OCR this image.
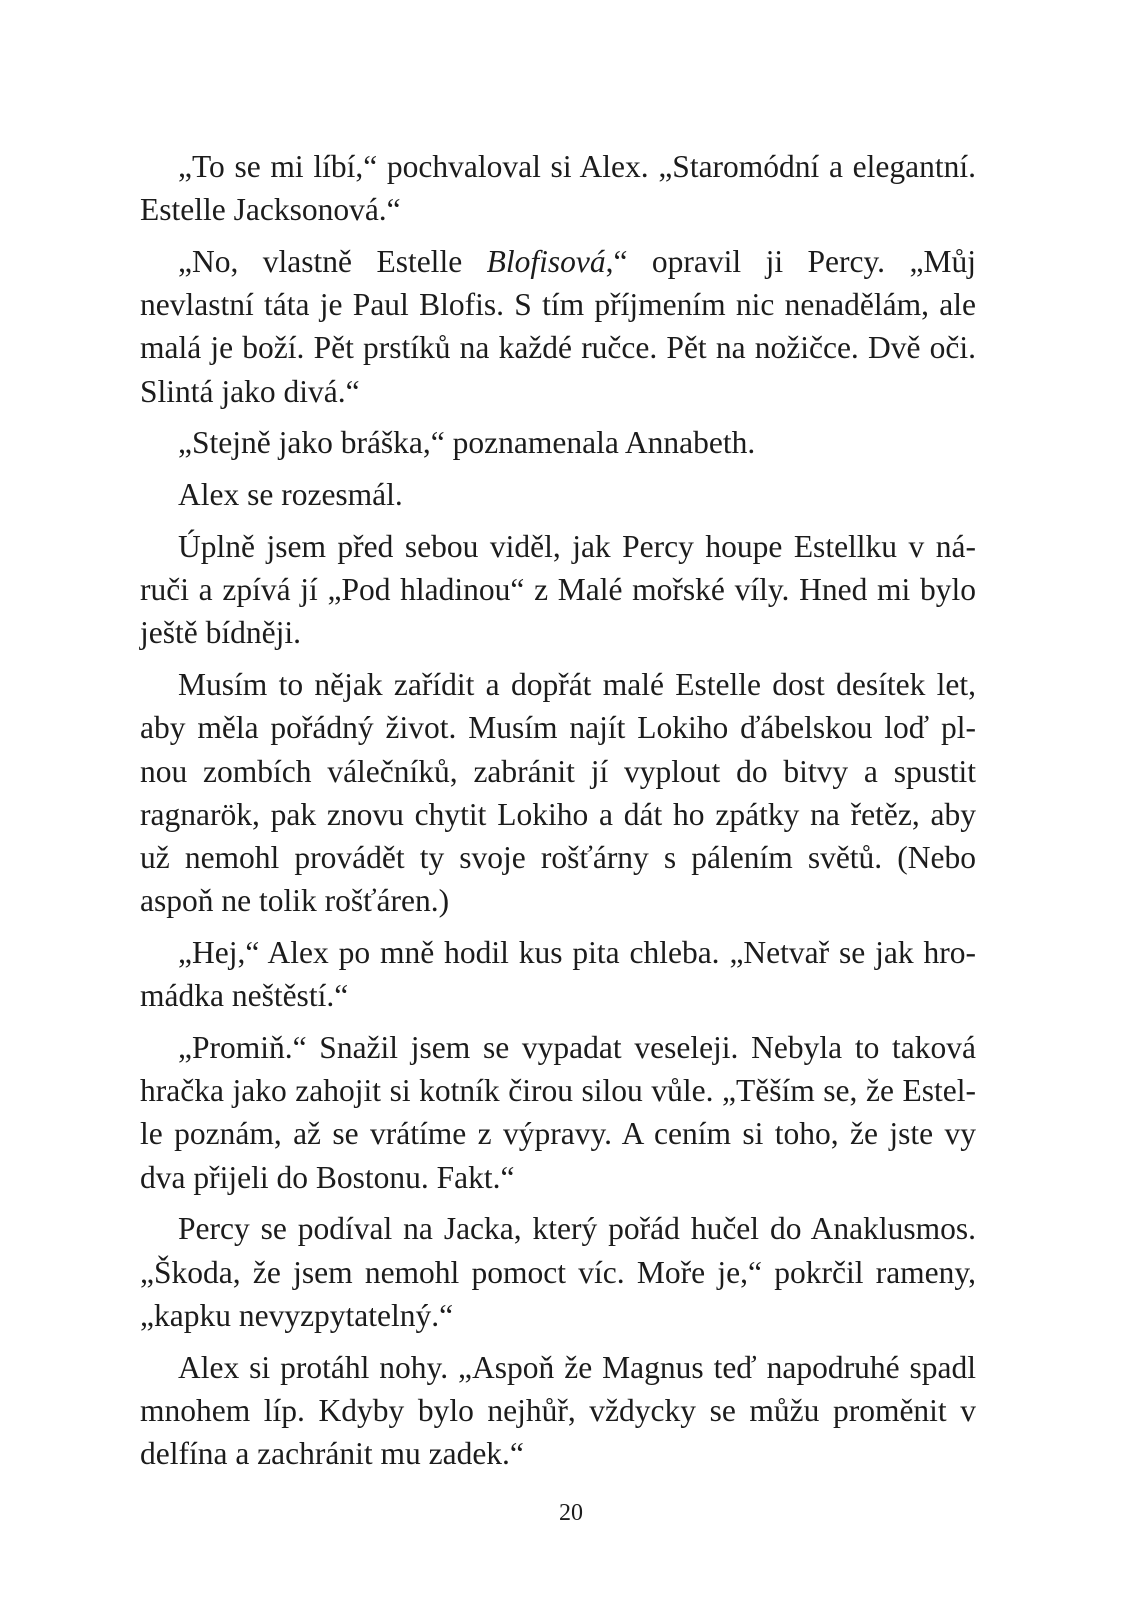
„To se mi líbí,“ pochvaloval si Alex. „Staromódní a elegantní. Estelle Jacksonová.“

„No, vlastně Estelle Blofisová,“ opravil ji Percy. „Můj nevlastní táta je Paul Blofis. S tím příjmením nic nenadělám, ale malá je boží. Pět prstíků na každé ručce. Pět na nožičce. Dvě oči. Slintá jako divá.“

„Stejně jako bráška,“ poznamenala Annabeth.

Alex se rozesmál.

Úplně jsem před sebou viděl, jak Percy houpe Estellku v náruči a zpívá jí „Pod hladinou“ z Malé mořské víly. Hned mi bylo ještě bídněji.

Musím to nějak zařídit a dopřát malé Estelle dost desítek let, aby měla pořádný život. Musím najít Lokiho ďábelskou loď plnou zombích válečníků, zabránit jí vyplout do bitvy a spustit ragnarök, pak znovu chytit Lokiho a dát ho zpátky na řetěz, aby už nemohl provádět ty svoje rošťárny s pálením světů. (Nebo aspoň ne tolik rošťáren.)

„Hej,“ Alex po mně hodil kus pita chleba. „Netvař se jak hromádka neštěstí.“

„Promiň.“ Snažil jsem se vypadat veseleji. Nebyla to taková hračka jako zahojit si kotník čirou silou vůle. „Těším se, že Estelle poznám, až se vrátíme z výpravy. A cením si toho, že jste vy dva přijeli do Bostonu. Fakt.“

Percy se podíval na Jacka, který pořád hučel do Anaklusmos. „Škoda, že jsem nemohl pomoct víc. Moře je,“ pokrčil rameny, „kapku nevyzpytatelný.“

Alex si protáhl nohy. „Aspoň že Magnus teď napodruhé spadl mnohem líp. Kdyby bylo nejhůř, vždycky se můžu proměnit v delfína a zachránit mu zadek.“

20
